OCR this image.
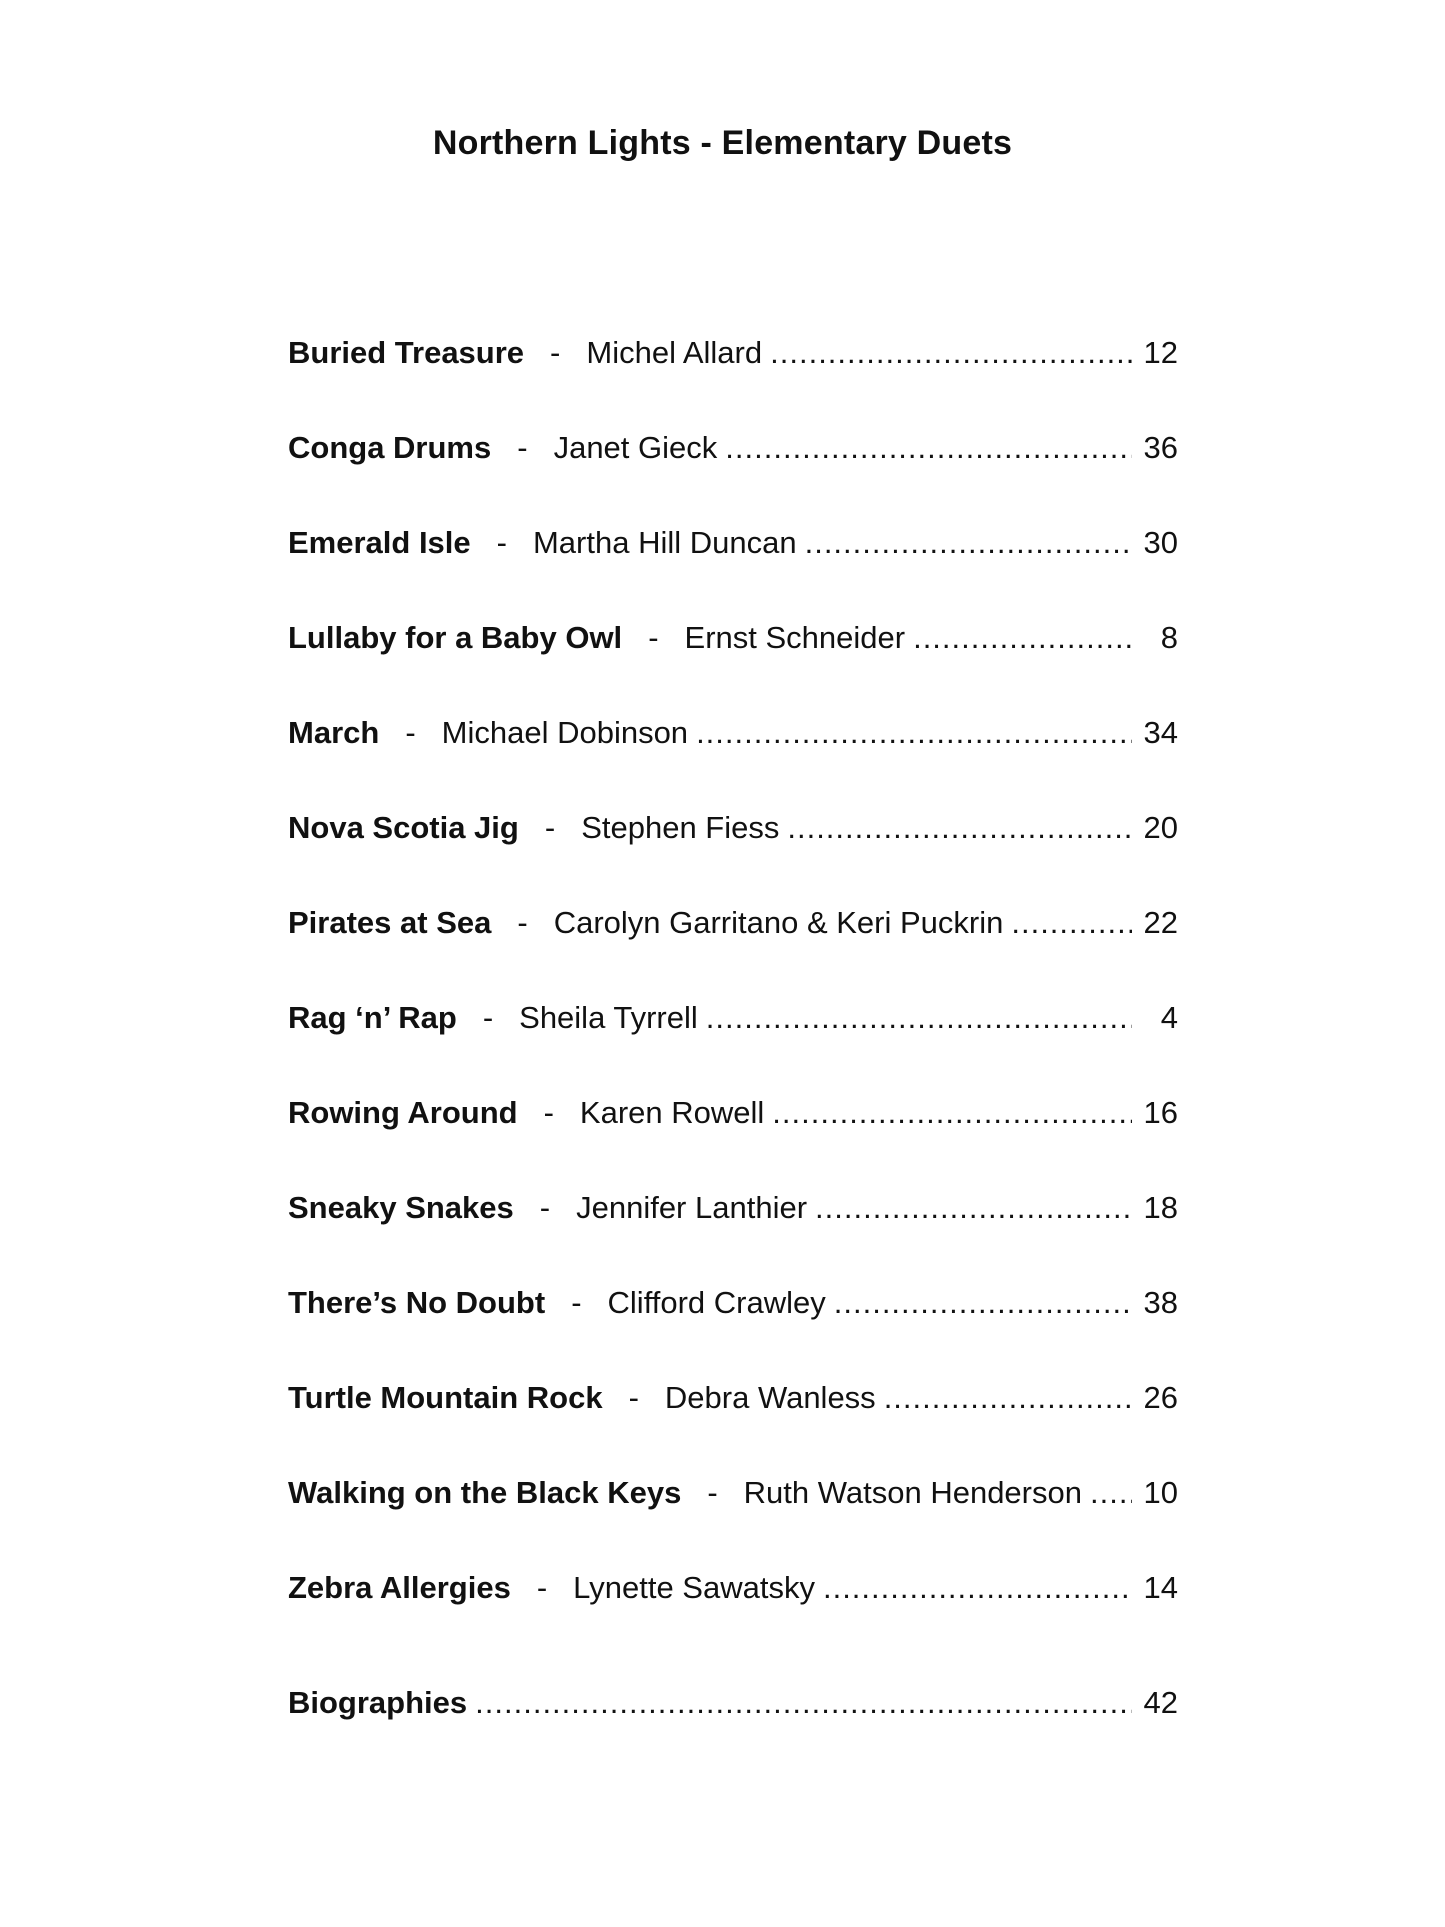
Northern Lights - Elementary Duets
Buried Treasure - Michel Allard .....	12
Conga Drums - Janet Gieck .....	36
Emerald Isle - Martha Hill Duncan .....	30
Lullaby for a Baby Owl - Ernst Schneider .....	8
March - Michael Dobinson .....	34
Nova Scotia Jig - Stephen Fiess .....	20
Pirates at Sea - Carolyn Garritano & Keri Puckrin .....	22
Rag ‘n’ Rap - Sheila Tyrrell .....	4
Rowing Around - Karen Rowell .....	16
Sneaky Snakes - Jennifer Lanthier .....	18
There’s No Doubt - Clifford Crawley .....	38
Turtle Mountain Rock - Debra Wanless .....	26
Walking on the Black Keys - Ruth Watson Henderson .....	10
Zebra Allergies - Lynette Sawatsky .....	14
Biographies .....	42
